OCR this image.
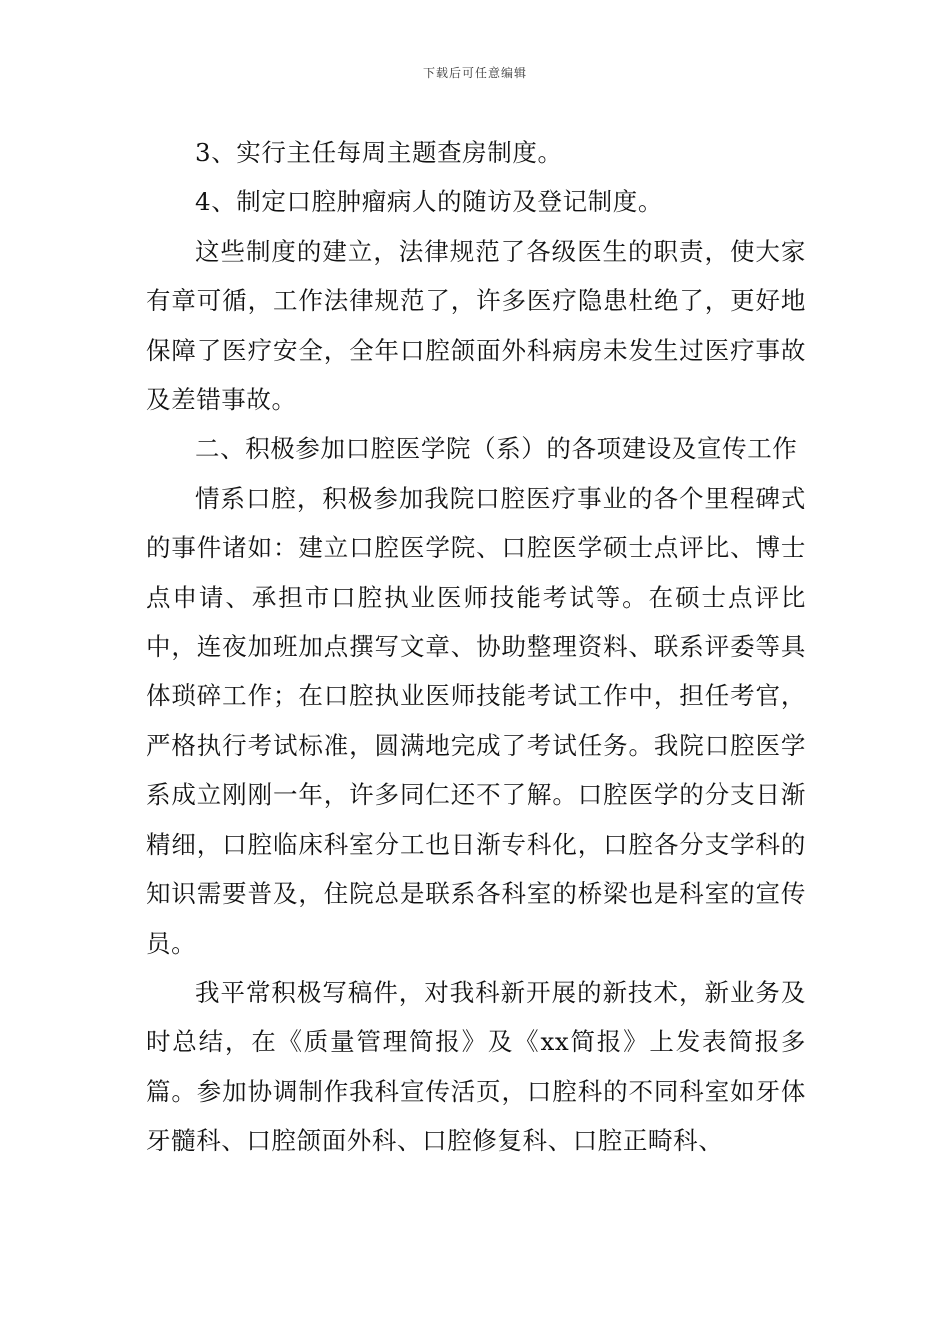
下载后可任意编辑

3、实行主任每周主题查房制度。

4、制定口腔肿瘤病人的随访及登记制度。

这些制度的建立，法律规范了各级医生的职责，使大家有章可循，工作法律规范了，许多医疗隐患杜绝了，更好地保障了医疗安全，全年口腔颌面外科病房未发生过医疗事故及差错事故。

二、积极参加口腔医学院（系）的各项建设及宣传工作

情系口腔，积极参加我院口腔医疗事业的各个里程碑式的事件诸如：建立口腔医学院、口腔医学硕士点评比、博士点申请、承担市口腔执业医师技能考试等。在硕士点评比中，连夜加班加点撰写文章、协助整理资料、联系评委等具体琐碎工作；在口腔执业医师技能考试工作中，担任考官，严格执行考试标准，圆满地完成了考试任务。我院口腔医学系成立刚刚一年，许多同仁还不了解。口腔医学的分支日渐精细，口腔临床科室分工也日渐专科化，口腔各分支学科的知识需要普及，住院总是联系各科室的桥梁也是科室的宣传员。

我平常积极写稿件，对我科新开展的新技术，新业务及时总结，在《质量管理简报》及《xx简报》上发表简报多篇。参加协调制作我科宣传活页，口腔科的不同科室如牙体牙髓科、口腔颌面外科、口腔修复科、口腔正畸科、
